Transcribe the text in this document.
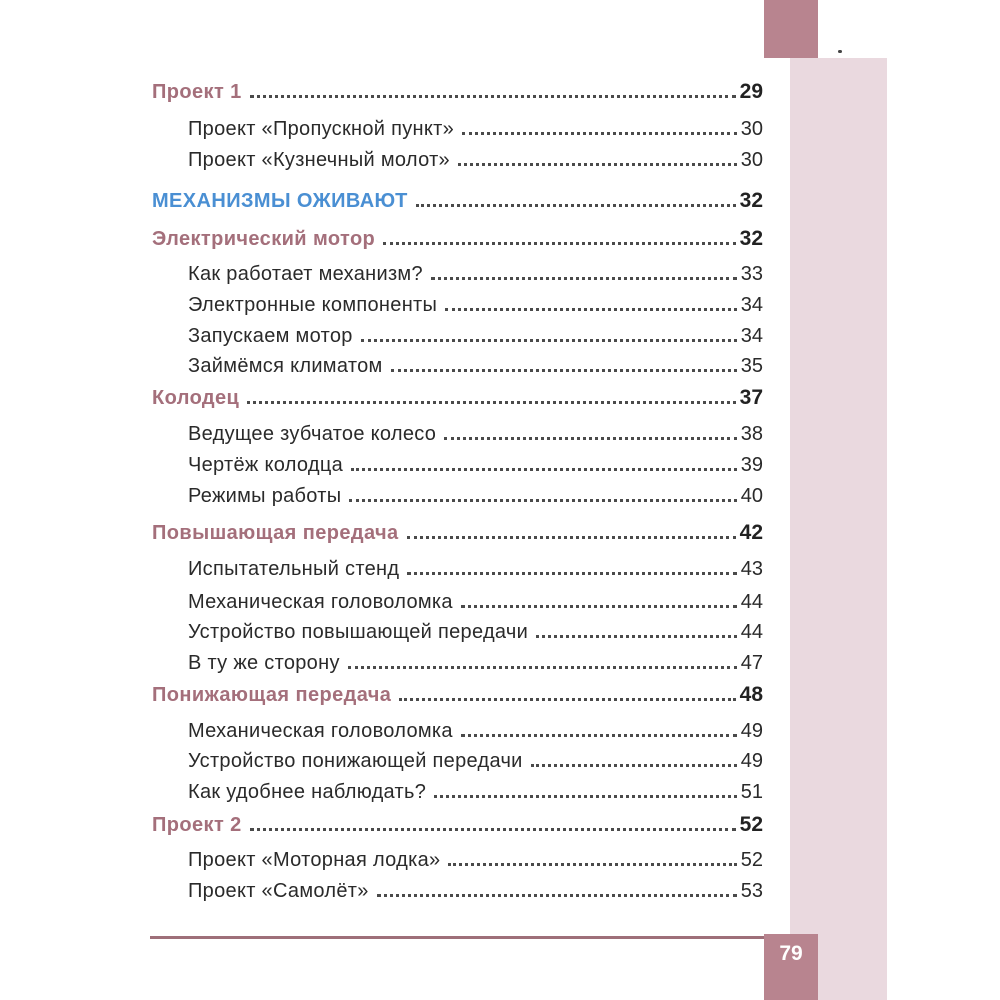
79
Проект 1	29
Проект «Пропускной пункт»	30
Проект «Кузнечный молот»	30
МЕХАНИЗМЫ ОЖИВАЮТ	32
Электрический мотор	32
Как работает механизм?	33
Электронные компоненты	34
Запускаем мотор	34
Займёмся климатом	35
Колодец	37
Ведущее зубчатое колесо	38
Чертёж колодца	39
Режимы работы	40
Повышающая передача	42
Испытательный стенд	43
Механическая головоломка	44
Устройство повышающей передачи	44
В ту же сторону	47
Понижающая передача	48
Механическая головоломка	49
Устройство понижающей передачи	49
Как удобнее наблюдать?	51
Проект 2	52
Проект «Моторная лодка»	52
Проект «Самолёт»	53
